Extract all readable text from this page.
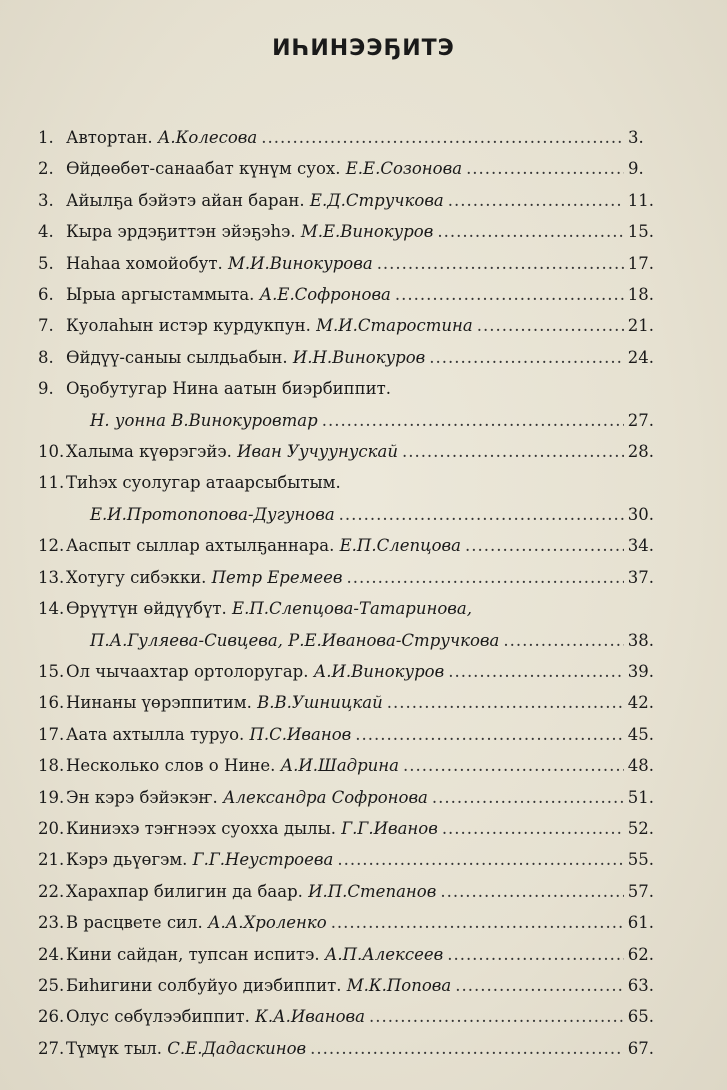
ИҺИНЭЭҔИТЭ
1. Автортан. А.Колесова .....	3.
2. Өйдөөбөт-санаабат күнүм суох. Е.Е.Созонова .....	9.
3. Айылҕа бэйэтэ айан баран. Е.Д.Стручкова .....	11.
4. Кыра эрдэҕиттэн эйэҕэһэ. М.Е.Винокуров .....	15.
5. Наһаа хомойобут. М.И.Винокурова .....	17.
6. Ырыа аргыстаммыта. А.Е.Софронова .....	18.
7. Куолаһын истэр курдукпун. М.И.Старостина .....	21.
8. Өйдүү-саныы сылдьабын. И.Н.Винокуров .....	24.
9. Оҕобутугар Нина аатын биэрбиппит.
Н. уонна В.Винокуровтар .....	27.
10. Халыма күөрэгэйэ. Иван Уучуунускай .....	28.
11. Тиһэх суолугар атаарсыбытым.
Е.И.Протопопова-Дугунова .....	30.
12. Ааспыт сыллар ахтылҕаннара. Е.П.Слепцова .....	34.
13. Хотугу сибэкки. Петр Еремеев .....	37.
14. Өрүүтүн өйдүүбүт. Е.П.Слепцова-Татаринова,
П.А.Гуляева-Сивцева, Р.Е.Иванова-Стручкова .....	38.
15. Ол чычаахтар ортолоругар. А.И.Винокуров .....	39.
16. Нинаны үөрэппитим. В.В.Ушницкай .....	42.
17. Аата ахтылла туруо. П.С.Иванов .....	45.
18. Несколько слов о Нине. А.И.Шадрина .....	48.
19. Эн кэрэ бэйэкэҥ. Александра Софронова .....	51.
20. Киниэхэ тэҥнээх суохха дылы. Г.Г.Иванов .....	52.
21. Кэрэ дьүөгэм. Г.Г.Неустроева .....	55.
22. Харахпар билигин да баар. И.П.Степанов .....	57.
23. В расцвете сил. А.А.Хроленко .....	61.
24. Кини сайдан, тупсан испитэ. А.П.Алексеев .....	62.
25. Биһигини солбуйуо диэбиппит. М.К.Попова .....	63.
26. Олус сөбүлээбиппит. К.А.Иванова .....	65.
27. Түмүк тыл. С.Е.Дадаскинов .....	67.
